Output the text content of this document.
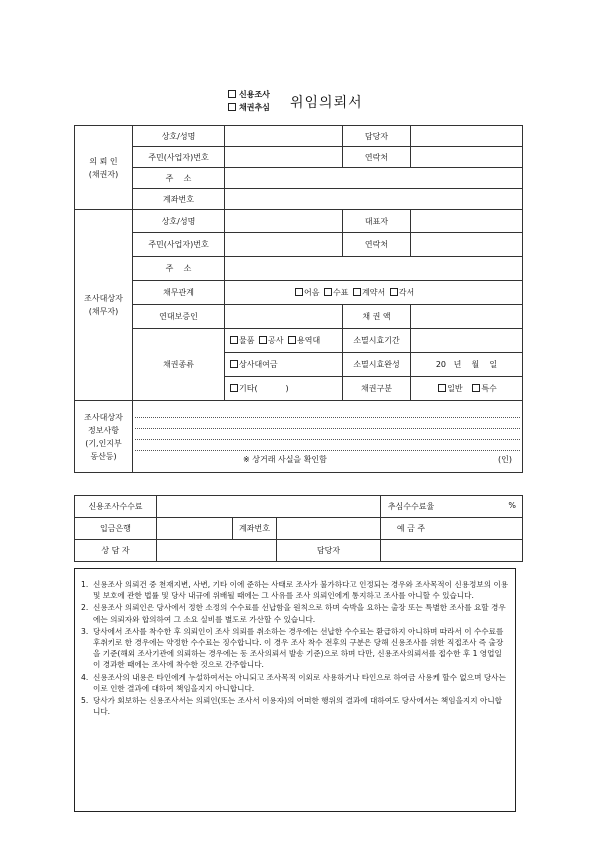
신용조사
채권추심 위임의뢰서
의 뢰 인
(채권자)	상호/성명		담당자	
	주민(사업자)번호		연락처	
	주    소			
	계좌번호			
조사대상자
(채무자)	상호/성명		대표자	
	주민(사업자)번호		연락처	
	주    소			
	채무관계	어음 수표 계약서 각서		
	연대보증인		채 권 액	
	채권종류	물품 공사 용역대	소멸시효기간	
		상사대여금	소멸시효완성	20   년    월    일
		기타(           )	채권구분	일반 특수
조사대상자
정보사항
(기,인지부
동산등)	※ 상거래 사실을 확인함 (인)			
신용조사수수료				추심수수료율 %

입금은행		계좌번호		예 금 주
상 담 자			담당자	
1. 신용조사 의뢰건 중 천재지변, 사변, 기타 이에 준하는 사태로 조사가 불가하다고 인정되는 경우와 조사목적이 신용정보의 이용 및 보호에 관한 법률 및 당사 내규에 위배될 때에는 그 사유를 조사 의뢰인에게 통지하고 조사를 아니할 수 있습니다.
2. 신용조사 의뢰인은 당사에서 정한 소정의 수수료를 선납함을 원칙으로 하며 숙박을 요하는 출장 또는 특별한 조사를 요할 경우에는 의뢰자와 합의하여 그 소요 실비를 별도로 가산할 수 있습니다.
3. 당사에서 조사를 착수한 후 의뢰인이 조사 의뢰를 취소하는 경우에는 선납한 수수료는 환급하지 아니하며 따라서 이 수수료를 후취키로 한 경우에는 약정한 수수료는 징수합니다. 이 경우 조사 착수 전후의 구분은 당해 신용조사를 위한 직접조사 즉 출장을 기준(해외 조사기관에 의뢰하는 경우에는 동 조사의뢰서 발송 기준)으로 하며 다만, 신용조사의뢰서를 접수한 후 1 영업일이 경과한 때에는 조사에 착수한 것으로 간주합니다.
4. 신용조사의 내용은 타인에게 누설하여서는 아니되고 조사목적 이외로 사용하거나 타인으로 하여금 사용케 할수 없으며 당사는 이로 인한 결과에 대하여 책임을지지 아니합니다.
5. 당사가 회보하는 신용조사서는 의뢰인(또는 조사서 이용자)의 어떠한 행위의 결과에 대하여도 당사에서는 책임을지지 아니합니다.
